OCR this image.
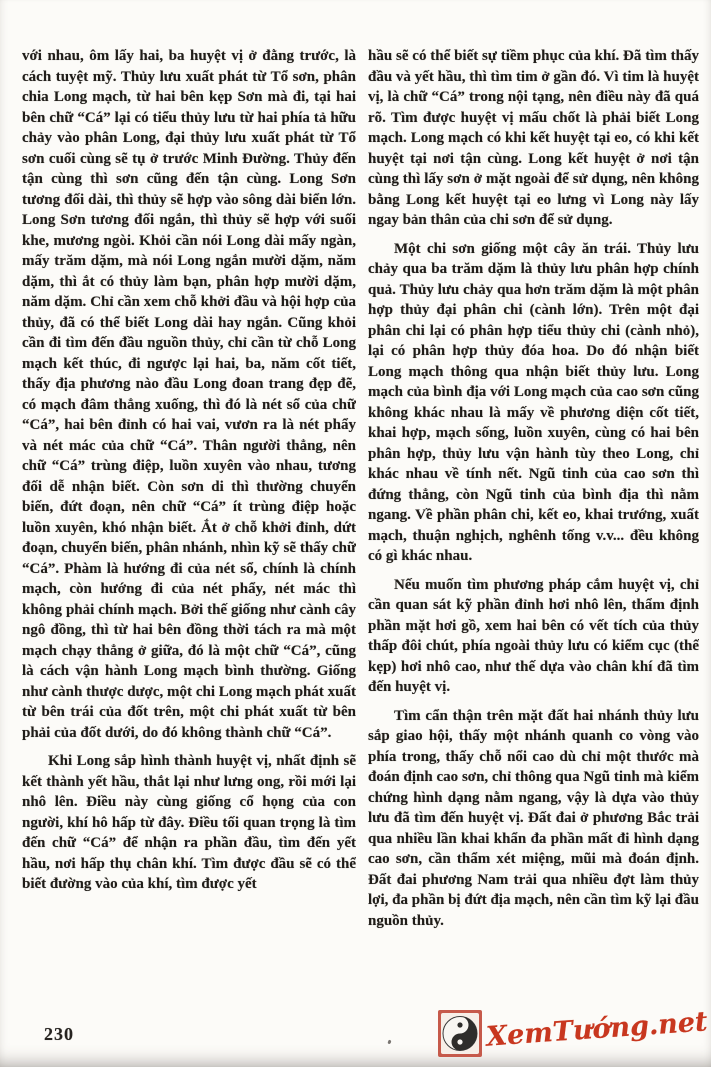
với nhau, ôm lấy hai, ba huyệt vị ở đằng trước, là cách tuyệt mỹ. Thủy lưu xuất phát từ Tổ sơn, phân chia Long mạch, từ hai bên kẹp Sơn mà đi, tại hai bên chữ “Cá” lại có tiểu thủy lưu từ hai phía tả hữu chảy vào phân Long, đại thủy lưu xuất phát từ Tổ sơn cuối cùng sẽ tụ ở trước Minh Đường. Thủy đến tận cùng thì sơn cũng đến tận cùng. Long Sơn tương đối dài, thì thủy sẽ hợp vào sông dài biển lớn. Long Sơn tương đối ngắn, thì thủy sẽ hợp với suối khe, mương ngòi. Khỏi cần nói Long dài mấy ngàn, mấy trăm dặm, mà nói Long ngắn mười dặm, năm dặm, thì ắt có thủy làm bạn, phân hợp mười dặm, năm dặm. Chỉ cần xem chỗ khởi đầu và hội hợp của thủy, đã có thể biết Long dài hay ngắn. Cũng khỏi cần đi tìm đến đầu nguồn thủy, chỉ cần từ chỗ Long mạch kết thúc, đi ngược lại hai, ba, năm cốt tiết, thấy địa phương nào đầu Long đoan trang đẹp đẽ, có mạch đâm thẳng xuống, thì đó là nét sổ của chữ “Cá”, hai bên đỉnh có hai vai, vươn ra là nét phẩy và nét mác của chữ “Cá”. Thân người thẳng, nên chữ “Cá” trùng điệp, luồn xuyên vào nhau, tương đối dễ nhận biết. Còn sơn di thì thường chuyển biến, đứt đoạn, nên chữ “Cá” ít trùng điệp hoặc luồn xuyên, khó nhận biết. Ắt ở chỗ khởi đỉnh, dứt đoạn, chuyển biến, phân nhánh, nhìn kỹ sẽ thấy chữ “Cá”. Phàm là hướng đi của nét sổ, chính là chính mạch, còn hướng đi của nét phẩy, nét mác thì không phải chính mạch. Bởi thế giống như cành cây ngô đồng, thì từ hai bên đồng thời tách ra mà một mạch chạy thẳng ở giữa, đó là một chữ “Cá”, cũng là cách vận hành Long mạch bình thường. Giống như cành thược dược, một chi Long mạch phát xuất từ bên trái của đốt trên, một chi phát xuất từ bên phải của đốt dưới, do đó không thành chữ “Cá”.

Khi Long sắp hình thành huyệt vị, nhất định sẽ kết thành yết hầu, thắt lại như lưng ong, rồi mới lại nhô lên. Điều này cùng giống cổ họng của con người, khí hô hấp từ đây. Điều tối quan trọng là tìm đến chữ “Cá” để nhận ra phần đầu, tìm đến yết hầu, nơi hấp thụ chân khí. Tìm được đầu sẽ có thể biết đường vào của khí, tìm được yết

hầu sẽ có thể biết sự tiềm phục của khí. Đã tìm thấy đầu và yết hầu, thì tìm tim ở gần đó. Vì tim là huyệt vị, là chữ “Cá” trong nội tạng, nên điều này đã quá rõ. Tìm được huyệt vị mấu chốt là phải biết Long mạch. Long mạch có khi kết huyệt tại eo, có khi kết huyệt tại nơi tận cùng. Long kết huyệt ở nơi tận cùng thì lấy sơn ở mặt ngoài để sử dụng, nên không bằng Long kết huyệt tại eo lưng vì Long này lấy ngay bản thân của chi sơn để sử dụng.

Một chi sơn giống một cây ăn trái. Thủy lưu chảy qua ba trăm dặm là thủy lưu phân hợp chính quả. Thủy lưu chảy qua hơn trăm dặm là một phân hợp thủy đại phân chi (cành lớn). Trên một đại phân chi lại có phân hợp tiểu thủy chi (cành nhỏ), lại có phân hợp thủy đóa hoa. Do đó nhận biết Long mạch thông qua nhận biết thủy lưu. Long mạch của bình địa với Long mạch của cao sơn cũng không khác nhau là mấy về phương diện cốt tiết, khai hợp, mạch sống, luồn xuyên, cùng có hai bên phân hợp, thủy lưu vận hành tùy theo Long, chỉ khác nhau về tính nết. Ngũ tinh của cao sơn thì đứng thẳng, còn Ngũ tinh của bình địa thì nằm ngang. Về phần phân chi, kết eo, khai trướng, xuất mạch, thuận nghịch, nghênh tống v.v... đều không có gì khác nhau.

Nếu muốn tìm phương pháp cắm huyệt vị, chỉ cần quan sát kỹ phần đỉnh hơi nhô lên, thẩm định phần mặt hơi gồ, xem hai bên có vết tích của thủy thấp đôi chút, phía ngoài thủy lưu có kiểm cục (thế kẹp) hơi nhô cao, như thế dựa vào chân khí đã tìm đến huyệt vị.

Tìm cẩn thận trên mặt đất hai nhánh thủy lưu sắp giao hội, thấy một nhánh quanh co vòng vào phía trong, thấy chỗ nổi cao dù chỉ một thước mà đoán định cao sơn, chỉ thông qua Ngũ tinh mà kiểm chứng hình dạng nằm ngang, vậy là dựa vào thủy lưu đã tìm đến huyệt vị. Đất đai ở phương Bắc trải qua nhiều lần khai khẩn đa phần mất đi hình dạng cao sơn, cần thẩm xét miệng, mũi mà đoán định. Đất đai phương Nam trải qua nhiều đợt làm thủy lợi, đa phần bị đứt địa mạch, nên cần tìm kỹ lại đầu nguồn thủy.

230	XemTướng.net
